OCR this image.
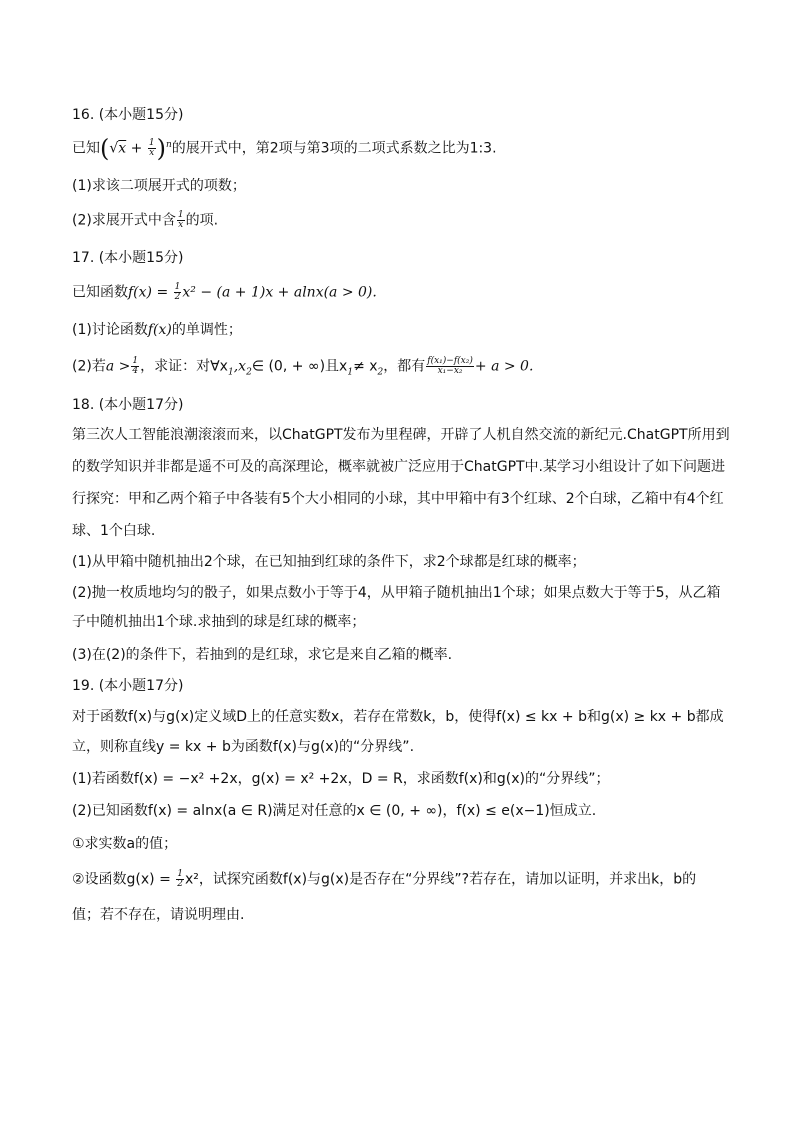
16. (本小题15分)
已知$(√x + \frac{1}{x} )^n$的展开式中，第2项与第3项的二项式系数之比为1:3.
(1)求该二项展开式的项数；
(2)求展开式中含 $\frac{1}{x}$ 的项.
17. (本小题15分)
已知函数$f(x) = \frac{1}{2} x^2 - (a + 1)x + alnx(a > 0)$.
(1)讨论函数f(x)的单调性；
(2)若$a > \frac{1}{4}$ ，求证：对$\forall x_1,x_2\in$ (0, + ∞)且$x_1\ne x_2$，都有 $\frac{\text{f(x₁)−f(x₂)}}{\text{x₁−x₂}} + a > 0$.
18. (本小题17分)
第三次人工智能浪潮滚滚而来，以ChatGPT发布为里程碑，开辟了人机自然交流的新纪元.ChatGPT所用到
的数学知识并非都是遥不可及的高深理论，概率就被广泛应用于ChatGPT中.某学习小组设计了如下问题进
行探究：甲和乙两个箱子中各装有5个大小相同的小球，其中甲箱中有3个红球、2个白球，乙箱中有4个红
球、1个白球.
(1)从甲箱中随机抽出2个球，在已知抽到红球的条件下，求2个球都是红球的概率；
(2)抛一枚质地均匀的骰子，如果点数小于等于4，从甲箱子随机抽出1个球；如果点数大于等于5，从乙箱
子中随机抽出1个球.求抽到的球是红球的概率；
(3)在(2)的条件下，若抽到的是红球，求它是来自乙箱的概率.
19. (本小题17分)
对于函数f(x)与g(x)定义域D上的任意实数x，若存在常数k，b，使得f(x) ≤ kx + b和g(x) ≥ kx + b都成
立，则称直线y = kx + b为函数f(x)与g(x)的“分界线”.
(1)若函数f(x) = −x² +2x，g(x) = x² +2x，D = R，求函数f(x)和g(x)的“分界线”；
(2)已知函数f(x) = alnx(a ∈ R)满足对任意的x ∈ (0, + ∞)，f(x) ≤ e(x−1)恒成立.
①求实数a的值；
②设函数$g(x) = \frac{1}{2} x^2$，试探究函数f(x)与g(x)是否存在“分界线”?若存在，请加以证明，并求出k，b的
值；若不存在，请说明理由.
